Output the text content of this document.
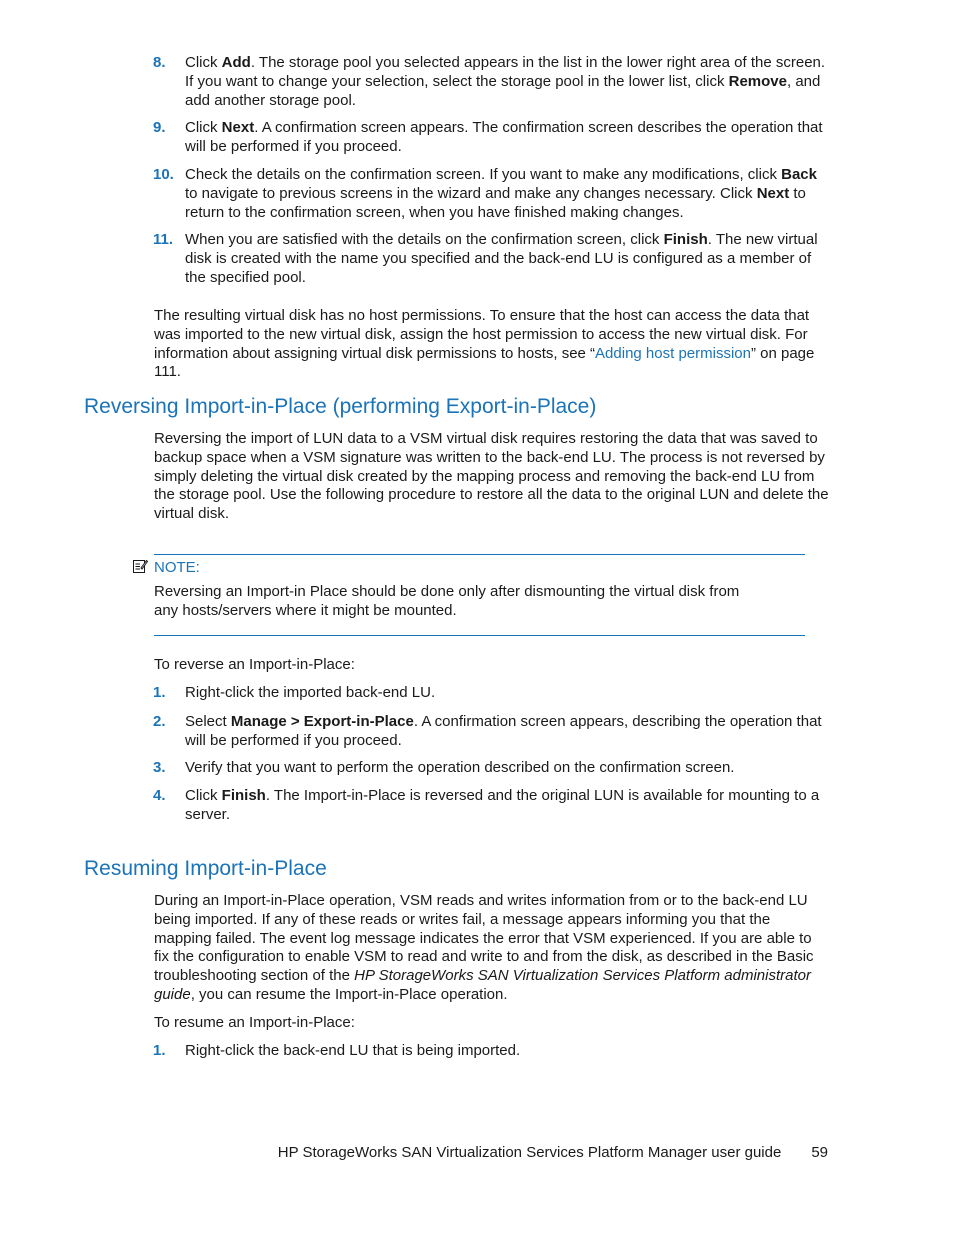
8. Click Add. The storage pool you selected appears in the list in the lower right area of the screen. If you want to change your selection, select the storage pool in the lower list, click Remove, and add another storage pool.
9. Click Next. A confirmation screen appears. The confirmation screen describes the operation that will be performed if you proceed.
10. Check the details on the confirmation screen. If you want to make any modifications, click Back to navigate to previous screens in the wizard and make any changes necessary. Click Next to return to the confirmation screen, when you have finished making changes.
11. When you are satisfied with the details on the confirmation screen, click Finish. The new virtual disk is created with the name you specified and the back-end LU is configured as a member of the specified pool.

The resulting virtual disk has no host permissions. To ensure that the host can access the data that was imported to the new virtual disk, assign the host permission to access the new virtual disk. For information about assigning virtual disk permissions to hosts, see “Adding host permission” on page 111.

Reversing Import-in-Place (performing Export-in-Place)

Reversing the import of LUN data to a VSM virtual disk requires restoring the data that was saved to backup space when a VSM signature was written to the back-end LU. The process is not reversed by simply deleting the virtual disk created by the mapping process and removing the back-end LU from the storage pool. Use the following procedure to restore all the data to the original LUN and delete the virtual disk.

NOTE:

Reversing an Import-in Place should be done only after dismounting the virtual disk from any hosts/servers where it might be mounted.

To reverse an Import-in-Place:

1. Right-click the imported back-end LU.
2. Select Manage > Export-in-Place. A confirmation screen appears, describing the operation that will be performed if you proceed.
3. Verify that you want to perform the operation described on the confirmation screen.
4. Click Finish. The Import-in-Place is reversed and the original LUN is available for mounting to a server.
Resuming Import-in-Place

During an Import-in-Place operation, VSM reads and writes information from or to the back-end LU being imported. If any of these reads or writes fail, a message appears informing you that the mapping failed. The event log message indicates the error that VSM experienced. If you are able to fix the configuration to enable VSM to read and write to and from the disk, as described in the Basic troubleshooting section of the HP StorageWorks SAN Virtualization Services Platform administrator guide, you can resume the Import-in-Place operation.

To resume an Import-in-Place:

1. Right-click the back-end LU that is being imported.
HP StorageWorks SAN Virtualization Services Platform Manager user guide 59
